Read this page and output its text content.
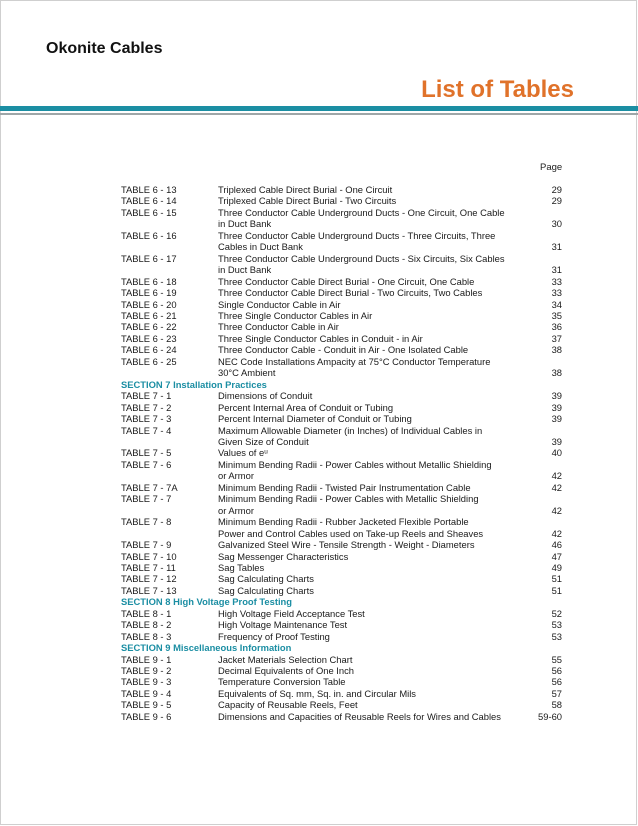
Okonite Cables
List of Tables
Page
TABLE 6 - 13	Triplexed Cable Direct Burial - One Circuit	29
TABLE 6 - 14	Triplexed Cable Direct Burial - Two Circuits	29
TABLE 6 - 15	Three Conductor Cable Underground Ducts - One Circuit, One Cable
in Duct Bank	30
TABLE 6 - 16	Three Conductor Cable Underground Ducts - Three Circuits, Three
Cables in Duct Bank	31
TABLE 6 - 17	Three Conductor Cable Underground Ducts - Six Circuits, Six Cables
in Duct Bank	31
TABLE 6 - 18	Three Conductor Cable Direct Burial - One Circuit, One Cable	33
TABLE 6 - 19	Three Conductor Cable Direct Burial - Two Circuits, Two Cables	33
TABLE 6 - 20	Single Conductor Cable in Air	34
TABLE 6 - 21	Three Single Conductor Cables in Air	35
TABLE 6 - 22	Three Conductor Cable in Air	36
TABLE 6 - 23	Three Single Conductor Cables in Conduit - in Air	37
TABLE 6 - 24	Three Conductor Cable - Conduit in Air - One Isolated Cable	38
TABLE 6 - 25	NEC Code Installations Ampacity at 75°C Conductor Temperature
30°C Ambient	38
SECTION 7 Installation Practices
TABLE 7 - 1	Dimensions of Conduit	39
TABLE 7 - 2	Percent Internal Area of Conduit or Tubing	39
TABLE 7 - 3	Percent Internal Diameter of Conduit or Tubing	39
TABLE 7 - 4	Maximum Allowable Diameter (in Inches) of Individual Cables in
Given Size of Conduit	39
TABLE 7 - 5	Values of eᵘ	40
TABLE 7 - 6	Minimum Bending Radii - Power Cables without Metallic Shielding
or Armor	42
TABLE 7 - 7A	Minimum Bending Radii - Twisted Pair Instrumentation Cable	42
TABLE 7 - 7	Minimum Bending Radii - Power Cables with Metallic Shielding
or Armor	42
TABLE 7 - 8	Minimum Bending Radii - Rubber Jacketed Flexible Portable
Power and Control Cables used on Take-up Reels and Sheaves	42
TABLE 7 - 9	Galvanized Steel Wire - Tensile Strength - Weight - Diameters	46
TABLE 7 - 10	Sag Messenger Characteristics	47
TABLE 7 - 11	Sag Tables	49
TABLE 7 - 12	Sag Calculating Charts	51
TABLE 7 - 13	Sag Calculating Charts	51
SECTION 8 High Voltage Proof Testing
TABLE 8 - 1	High Voltage Field Acceptance Test	52
TABLE 8 - 2	High Voltage Maintenance Test	53
TABLE 8 - 3	Frequency of Proof Testing	53
SECTION 9 Miscellaneous Information
TABLE 9 - 1	Jacket Materials Selection Chart	55
TABLE 9 - 2	Decimal Equivalents of One Inch	56
TABLE 9 - 3	Temperature Conversion Table	56
TABLE 9 - 4	Equivalents of Sq. mm, Sq. in. and Circular Mils	57
TABLE 9 - 5	Capacity of Reusable Reels, Feet	58
TABLE 9 - 6	Dimensions and Capacities of Reusable Reels for Wires and Cables	59-60
